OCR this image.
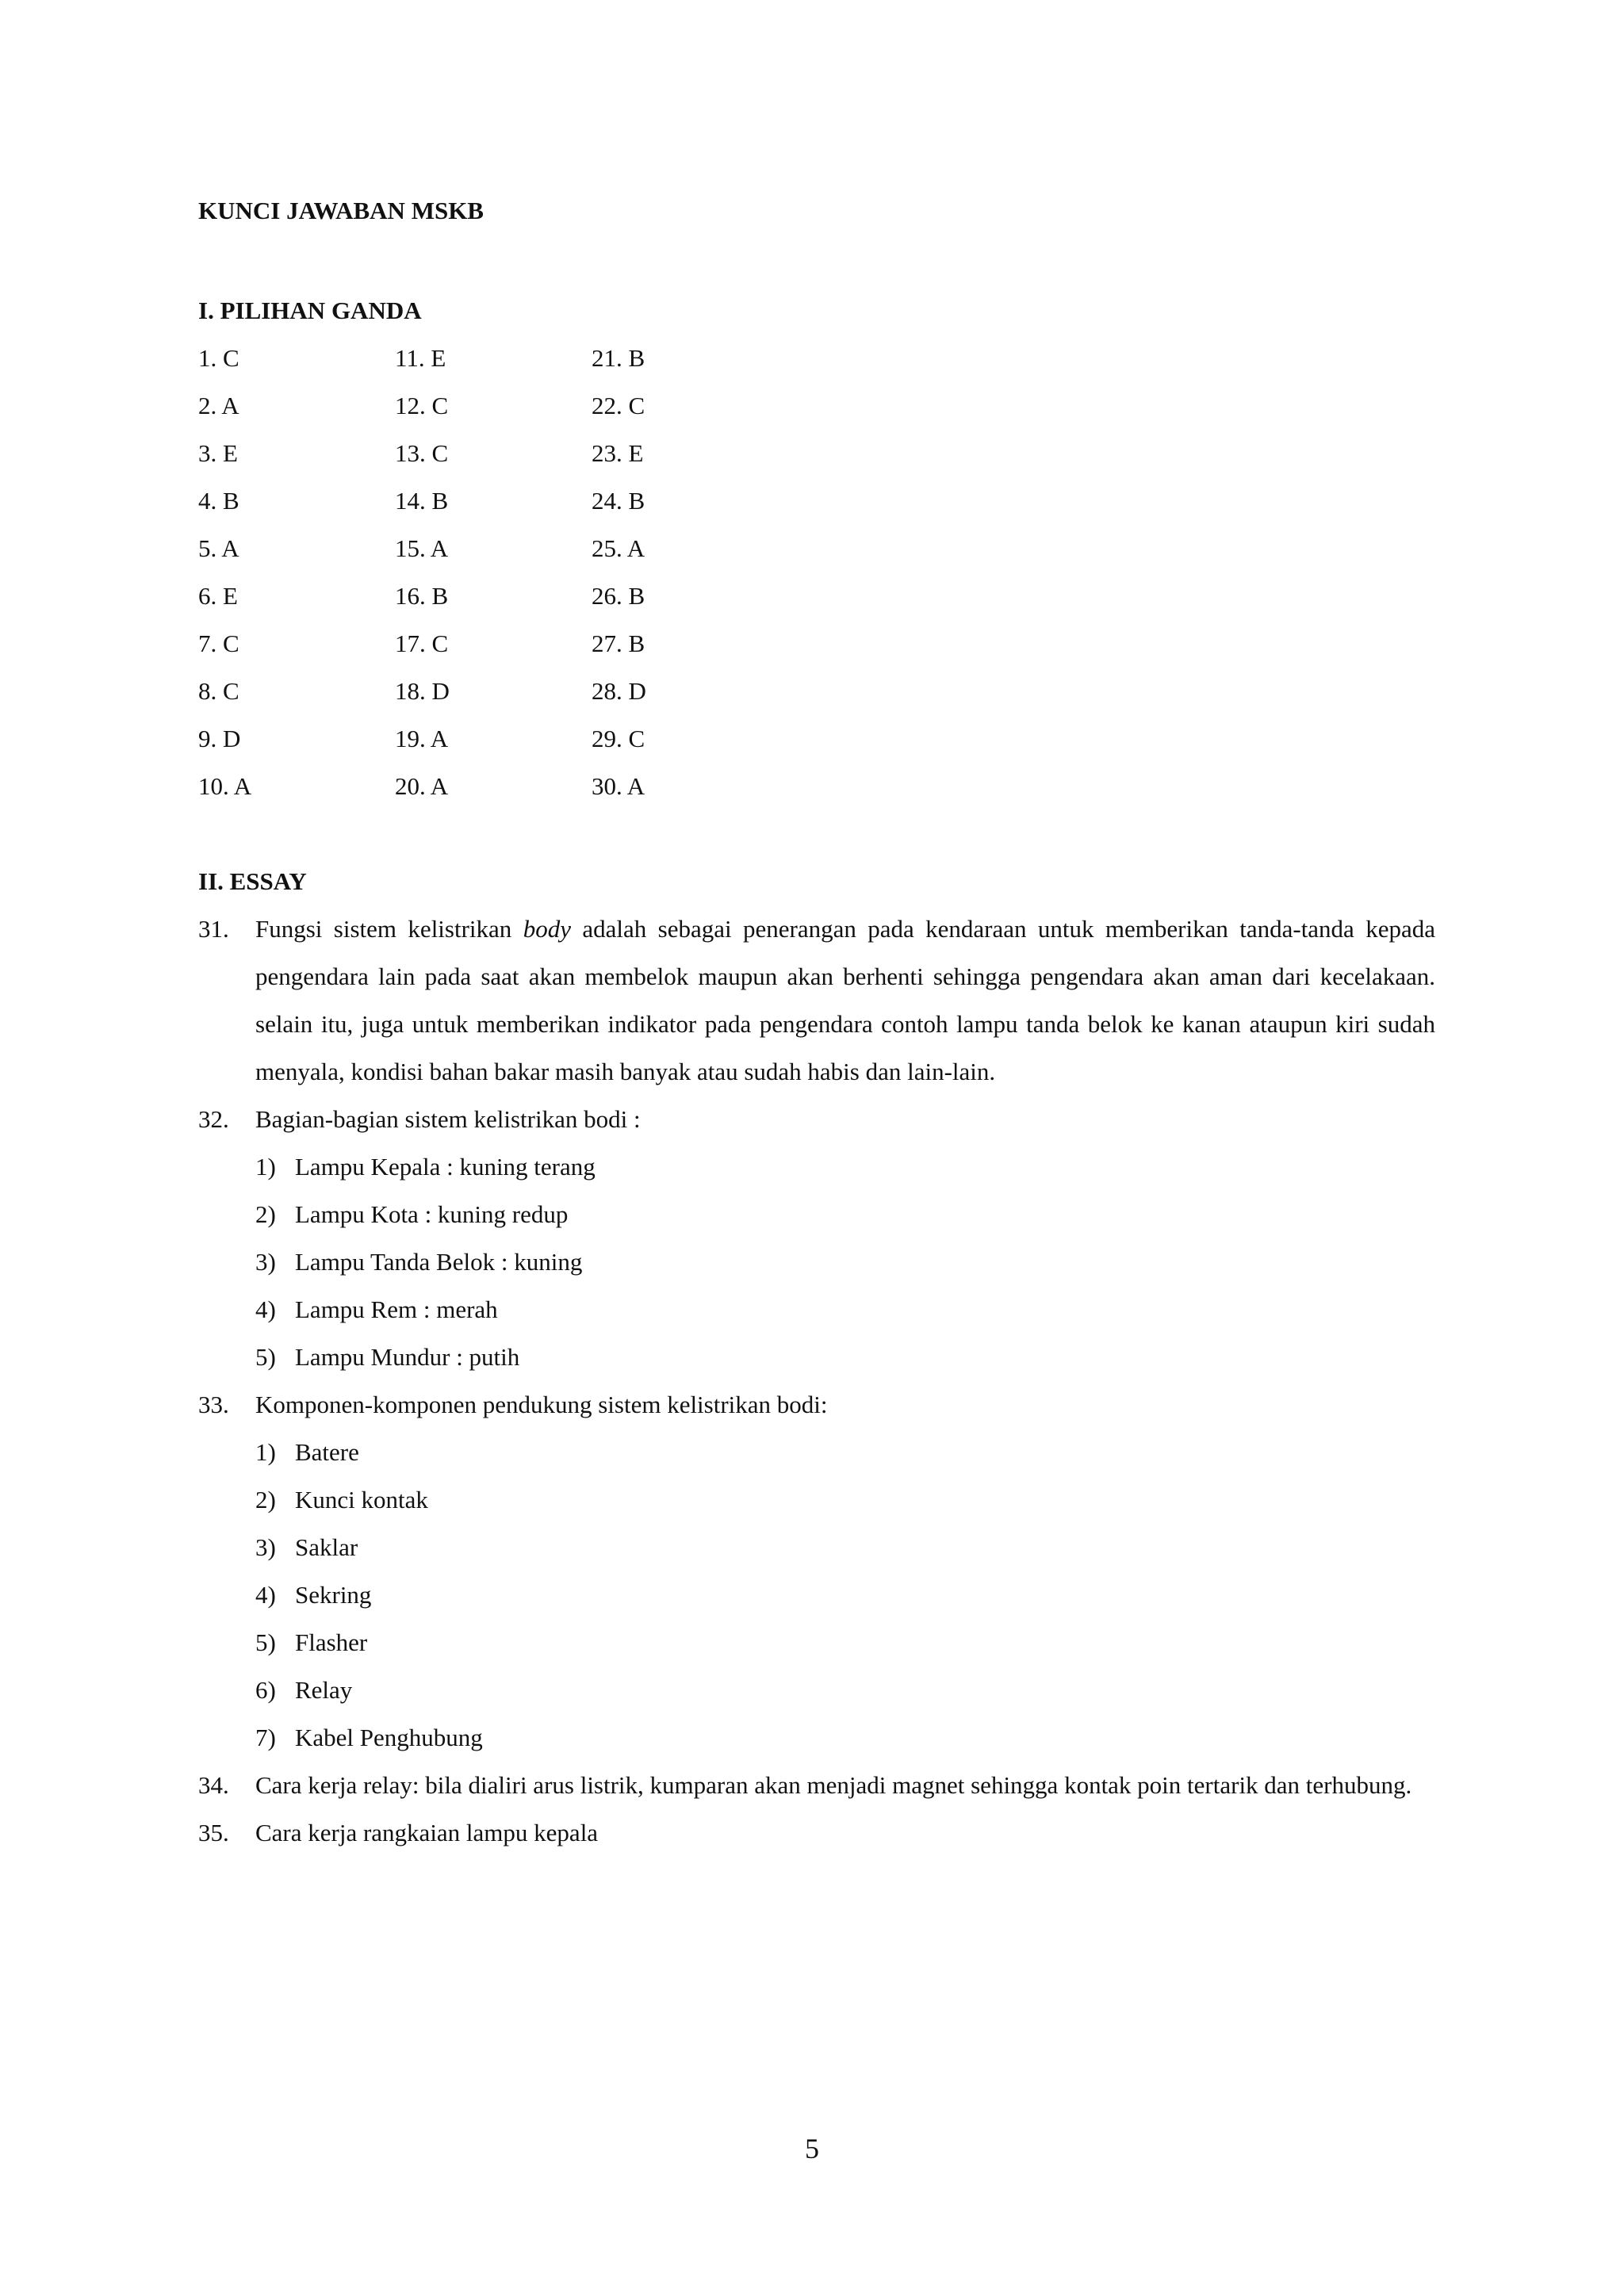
KUNCI JAWABAN MSKB
I. PILIHAN GANDA
1. C	11. E	21. B
2. A	12. C	22. C
3. E	13. C	23. E
4. B	14. B	24. B
5. A	15. A	25. A
6. E	16. B	26. B
7. C	17. C	27. B
8. C	18. D	28. D
9. D	19. A	29. C
10. A	20. A	30. A
II. ESSAY
31. Fungsi sistem kelistrikan body adalah sebagai penerangan pada kendaraan untuk memberikan tanda-tanda kepada pengendara lain pada saat akan membelok maupun akan berhenti sehingga pengendara akan aman dari kecelakaan. selain itu, juga untuk memberikan indikator pada pengendara contoh lampu tanda belok ke kanan ataupun kiri sudah menyala, kondisi bahan bakar masih banyak atau sudah habis dan lain-lain.
32. Bagian-bagian sistem kelistrikan bodi :
1) Lampu Kepala : kuning terang
2) Lampu Kota : kuning redup
3) Lampu Tanda Belok : kuning
4) Lampu Rem : merah
5) Lampu Mundur : putih
33. Komponen-komponen pendukung sistem kelistrikan bodi:
1) Batere
2) Kunci kontak
3) Saklar
4) Sekring
5) Flasher
6) Relay
7) Kabel Penghubung
34. Cara kerja relay: bila dialiri arus listrik, kumparan akan menjadi magnet sehingga kontak poin tertarik dan terhubung.
35. Cara kerja rangkaian lampu kepala
5
